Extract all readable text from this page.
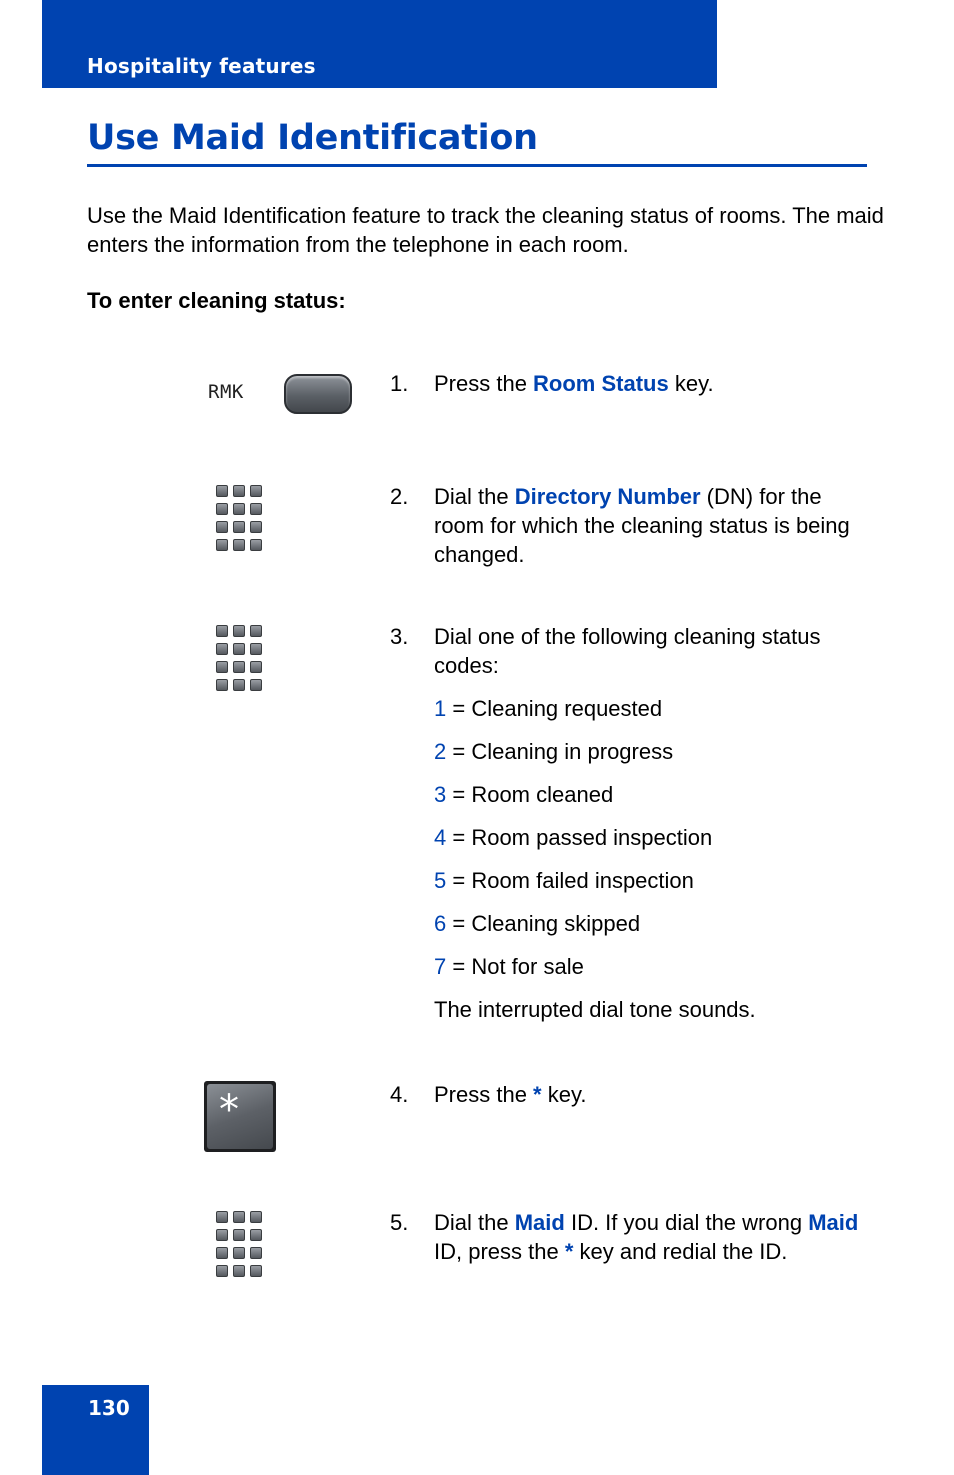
Hospitality features
Use Maid Identification
Use the Maid Identification feature to track the cleaning status of rooms. The maid enters the information from the telephone in each room.
To enter cleaning status:
RMK	1. Press the Room Status key.
2. Dial the Directory Number (DN) for the room for which the cleaning status is being changed.
3. Dial one of the following cleaning status codes:
1 = Cleaning requested
2 = Cleaning in progress
3 = Room cleaned
4 = Room passed inspection
5 = Room failed inspection
6 = Cleaning skipped
7 = Not for sale
The interrupted dial tone sounds.
*	4. Press the * key.
5. Dial the Maid ID. If you dial the wrong Maid ID, press the * key and redial the ID.
130
